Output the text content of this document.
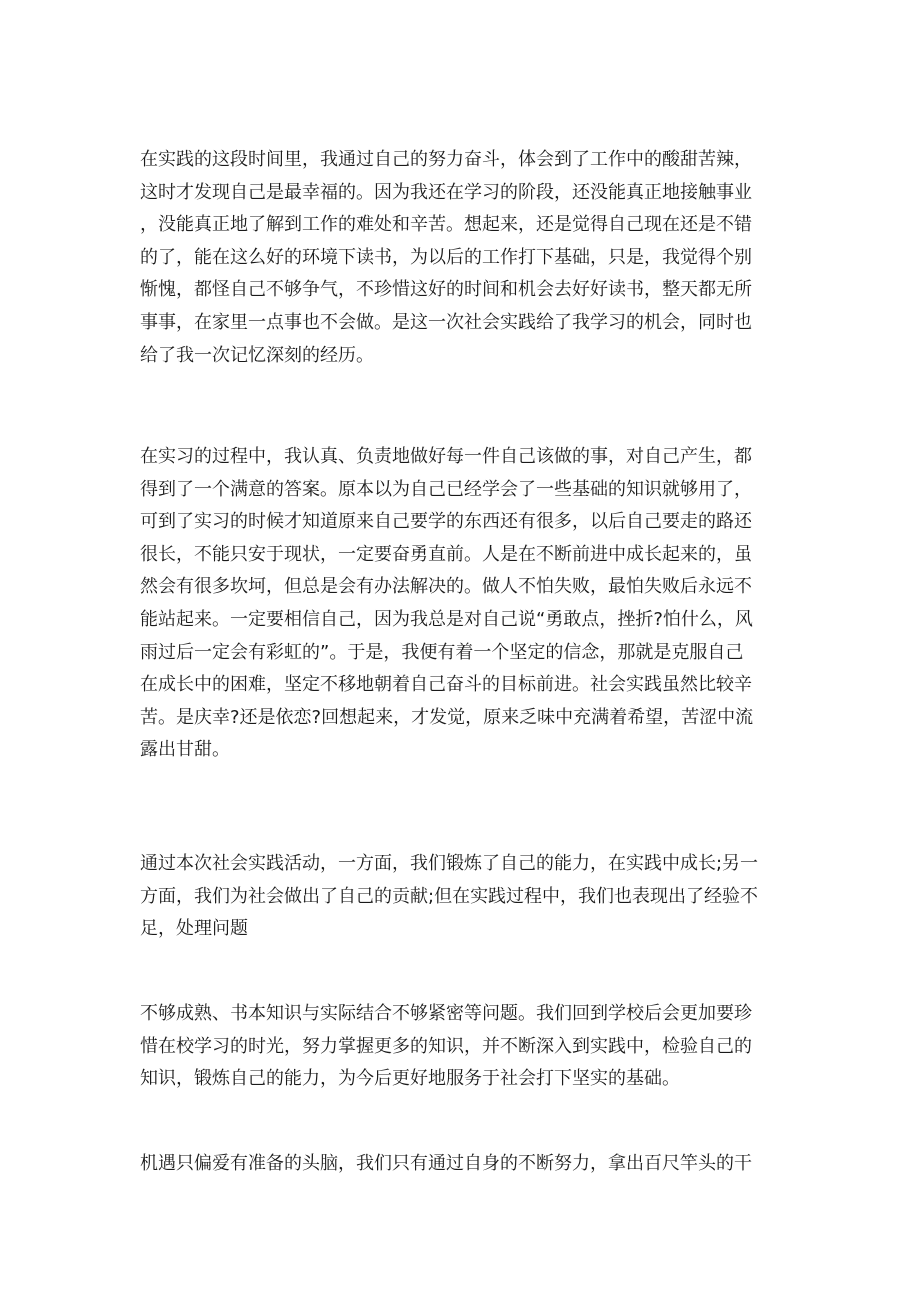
在实践的这段时间里，我通过自己的努力奋斗，体会到了工作中的酸甜苦辣，
这时才发现自己是最幸福的。因为我还在学习的阶段，还没能真正地接触事业
，没能真正地了解到工作的难处和辛苦。想起来，还是觉得自己现在还是不错
的了，能在这么好的环境下读书，为以后的工作打下基础，只是，我觉得个别
惭愧，都怪自己不够争气，不珍惜这好的时间和机会去好好读书，整天都无所
事事，在家里一点事也不会做。是这一次社会实践给了我学习的机会，同时也
给了我一次记忆深刻的经历。

在实习的过程中，我认真、负责地做好每一件自己该做的事，对自己产生，都
得到了一个满意的答案。原本以为自己已经学会了一些基础的知识就够用了，
可到了实习的时候才知道原来自己要学的东西还有很多，以后自己要走的路还
很长，不能只安于现状，一定要奋勇直前。人是在不断前进中成长起来的，虽
然会有很多坎坷，但总是会有办法解决的。做人不怕失败，最怕失败后永远不
能站起来。一定要相信自己，因为我总是对自己说“勇敢点，挫折?怕什么，风
雨过后一定会有彩虹的”。于是，我便有着一个坚定的信念，那就是克服自己
在成长中的困难，坚定不移地朝着自己奋斗的目标前进。社会实践虽然比较辛
苦。是庆幸?还是依恋?回想起来，才发觉，原来乏味中充满着希望，苦涩中流
露出甘甜。

通过本次社会实践活动，一方面，我们锻炼了自己的能力，在实践中成长;另一
方面，我们为社会做出了自己的贡献;但在实践过程中，我们也表现出了经验不
足，处理问题

不够成熟、书本知识与实际结合不够紧密等问题。我们回到学校后会更加要珍
惜在校学习的时光，努力掌握更多的知识，并不断深入到实践中，检验自己的
知识，锻炼自己的能力，为今后更好地服务于社会打下坚实的基础。

机遇只偏爱有准备的头脑，我们只有通过自身的不断努力，拿出百尺竿头的干
